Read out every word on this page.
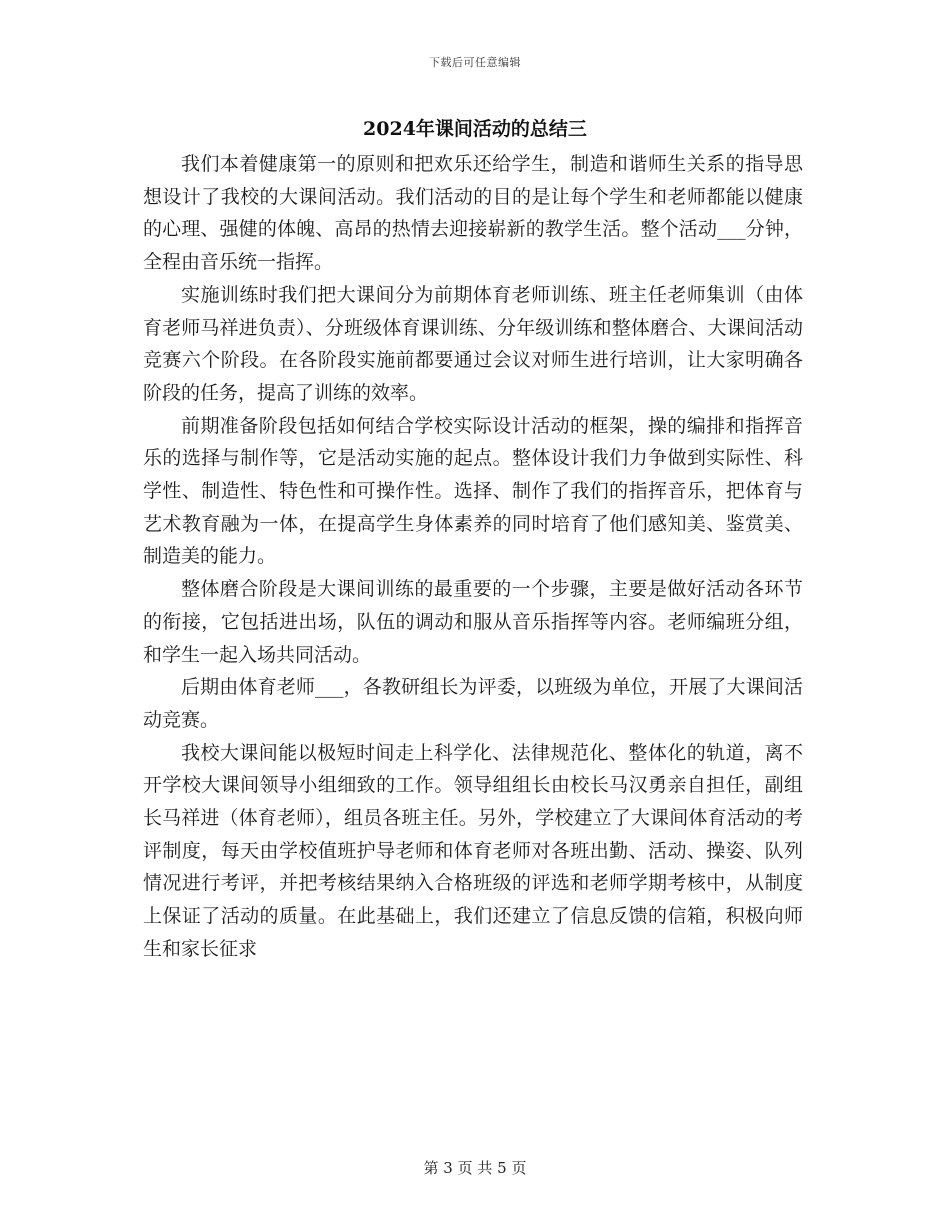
下载后可任意编辑
2024年课间活动的总结三

我们本着健康第一的原则和把欢乐还给学生，制造和谐师生关系的指导思想设计了我校的大课间活动。我们活动的目的是让每个学生和老师都能以健康的心理、强健的体魄、高昂的热情去迎接崭新的教学生活。整个活动___分钟，全程由音乐统一指挥。

实施训练时我们把大课间分为前期体育老师训练、班主任老师集训（由体育老师马祥进负责）、分班级体育课训练、分年级训练和整体磨合、大课间活动竞赛六个阶段。在各阶段实施前都要通过会议对师生进行培训，让大家明确各阶段的任务，提高了训练的效率。

前期准备阶段包括如何结合学校实际设计活动的框架，操的编排和指挥音乐的选择与制作等，它是活动实施的起点。整体设计我们力争做到实际性、科学性、制造性、特色性和可操作性。选择、制作了我们的指挥音乐，把体育与艺术教育融为一体，在提高学生身体素养的同时培育了他们感知美、鉴赏美、制造美的能力。

整体磨合阶段是大课间训练的最重要的一个步骤，主要是做好活动各环节的衔接，它包括进出场，队伍的调动和服从音乐指挥等内容。老师编班分组，和学生一起入场共同活动。

后期由体育老师___，各教研组长为评委，以班级为单位，开展了大课间活动竞赛。

我校大课间能以极短时间走上科学化、法律规范化、整体化的轨道，离不开学校大课间领导小组细致的工作。领导组组长由校长马汉勇亲自担任，副组长马祥进（体育老师），组员各班主任。另外，学校建立了大课间体育活动的考评制度，每天由学校值班护导老师和体育老师对各班出勤、活动、操姿、队列情况进行考评，并把考核结果纳入合格班级的评选和老师学期考核中，从制度上保证了活动的质量。在此基础上，我们还建立了信息反馈的信箱，积极向师生和家长征求

第 3 页 共 5 页
